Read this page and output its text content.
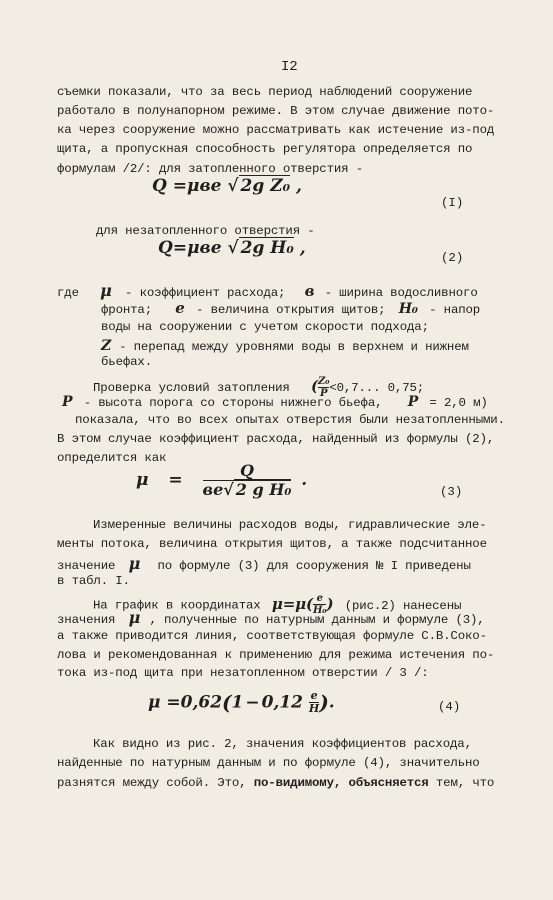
I2
съемки показали, что за весь период наблюдений сооружение
работало в полунапорном режиме. В этом случае движение пото-
ка через сооружение можно рассматривать как истечение из-под
щита, а пропускная способность регулятора определяется по
формулам /2/: для затопленного отверстия -
Q =μве √ 2g Z₀ ,
(I)
для незатопленного отверстия -
Q=μве √ 2g H₀ ,	(2)
где μ - коэффициент расхода; в - ширина водосливного
фронта; е - величина открытия щитов; H₀ - напор
воды на сооружении с учетом скорости подхода;
Z - перепад между уровнями воды в верхнем и нижнем
бьефах.
Проверка условий затопления ( $\frac{\text{Z₀}}{P} <0,7$... 0,75;
P - высота порога со стороны нижнего бьефа, P = 2,0 м)
показала, что во всех опытах отверстия были незатопленными.
В этом случае коэффициент расхода, найденный из формулы (2),
определится как
$\mu = \frac{Q}{\text{ве√ 2 g H₀}}$ .
(3)
Измеренные величины расходов воды, гидравлические эле-
менты потока, величина открытия щитов, а также подсчитанное
значение μ по формуле (3) для сооружения № I приведены
в табл. I.
На график в координатах $\mu=\mu( \frac{е}{\text{H₀}}$ ) (рис.2) нанесены
значения μ , полученные по натурным данным и формуле (3),
а также приводится линия, соответствующая формуле С.В.Соко-
лова и рекомендованная к применению для режима истечения по-
тока из-под щита при незатопленном отверстии / 3 /:
$\mu =0,62(1 - 0,12 \frac{е}{H}$ ).	(4)
Как видно из рис. 2, значения коэффициентов расхода,
найденные по натурным данным и по формуле (4), значительно
разнятся между собой. Это, по-видимому, объясняется тем, что
